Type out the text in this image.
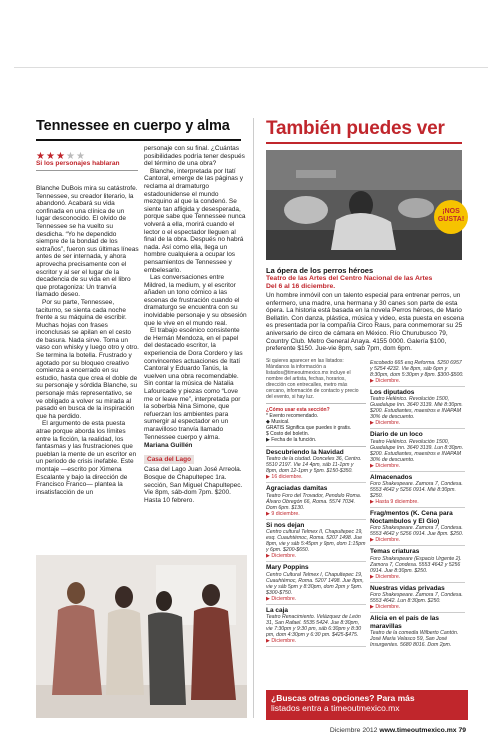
Tennessee en cuerpo y alma
★★★★★
Si los personajes hablaran

Blanche DuBois mira su catástrofe. Tennessee, su creador literario, la abandonó. Acabará su vida confinada en una clínica de un lugar desconocido. El olvido de Tennessee se ha vuelto su desdicha. “Yo he dependido siempre de la bondad de los extraños”, fueron sus últimas líneas antes de ser internada, y ahora aprovecha precisamente con el escritor y al ser el lugar de la decadencia de su vida en el libro que protagoniza: Un tranvía llamado deseo.

Por su parte, Tennessee, taciturno, se sienta cada noche frente a su máquina de escribir. Muchas hojas con frases inconclusas se apilan en el cesto de basura. Nada sirve. Toma un vaso con whisky y luego otro y otro. Se termina la botella. Frustrado y agotado por su bloqueo creativo comienza a encerrado en su estudio, hasta que crea el doble de su personaje y sórdida Blanche, su personaje más representativo, se ve obligado a volver su mirada al pasado en busca de la inspiración que ha perdido.

El argumento de esta puesta atrae porque aborda los límites entre la ficción, la realidad, los fantasmas y las frustraciones que pueblan la mente de un escritor en un periodo de crisis inefable. Este montaje —escrito por Ximena Escalante y bajo la dirección de Francisco Franco— plantea la insatisfacción de un

personaje con su final. ¿Cuántas posibilidades podría tener después del término de una obra?

Blanche, interpretada por Itatí Cantoral, emerge de las páginas y reclama al dramaturgo estadounidense el mundo mezquino al que la condenó. Se siente tan afligida y desesperada, porque sabe que Tennessee nunca volverá a ella, morirá cuando el lector o el espectador lleguen al final de la obra. Después no habrá nada. Así como ella, llega un hombre cualquiera a ocupar los pensamientos de Tennessee y embelesarlo.

Las conversaciones entre Mildred, la medium, y el escritor añaden un tono cómico a las escenas de frustración cuando el dramaturgo se encuentra con su inolvidable personaje y su obsesión que le vive en el mundo real.

El trabajo escénico consistente de Hernán Mendoza, en el papel del destacado escritor, la experiencia de Dora Cordero y las convincentes actuaciones de Itatí Cantoral y Eduardo Tanús, la vuelven una obra recomendable. Sin contar la música de Natalia Lafourcade y piezas como “Love me or leave me”, interpretada por la soberbia Nina Simone, que refuerzan los ambientes para sumergir al espectador en un maravilloso tranvía llamado Tennessee cuerpo y alma.

Mariana Guillén
Casa del Lago
Casa del Lago Juan José Arreola. Bosque de Chapultepec 1ra. sección, San Miguel Chapultepec. Vie 8pm, sáb-dom 7pm. $200. Hasta 10 febrero.
También puedes ver
¡NOS GUSTA!
La ópera de los perros héroes
Teatro de las Artes del Centro Nacional de las Artes
Del 6 al 16 diciembre.
Un hombre inmóvil con un talento especial para entrenar perros, un enfermero, una madre, una hermana y 30 canes son parte de esta ópera. La historia está basada en la novela Perros héroes, de Mario Bellatín. Con danza, plástica, música y video, esta puesta en escena es presentada por la compañía Circo Raus, para conmemorar su 25 aniversario de circo de cámara en México. Río Churubusco 79, Country Club. Metro General Anaya. 4155 0000. Galería $100, preferente $150. Jue-vie 8pm, sab 7pm, dom 6pm.
Si quieres aparecer en las listados: Mándanos la información a listados@timeoutmexico.mx incluye el nombre del artista, fechas, horarios, dirección con entrecalles, metro más cercano, información de contacto y precio del evento, si hay luz.
¿Cómo usar esta sección?
* Evento recomendado.
◆ Musical.
GRATIS Significa que puedes ir gratis.
$ Costo del boletín.
▶ Fecha de la función.
Descubriendo la Navidad
Teatro de la ciudad. Donceles 36, Centro. 5510 2197. Vie 14 4pm, sáb 11-1pm y 8pm, dom 12-1pm y 5pm. $150-$350.
▶ 16 diciembre.
Agraciadas damitas
Teatro Foro del Trovador, Pendulo Roma. Álvaro Obregón 66, Roma. 5574 7034. Dom 6pm. $130.
▶ 9 diciembre.
Si nos dejan
Centro cultural Telmex II, Chapultepec 19, esq. Cuauhtémoc, Roma. 5207 1498. Jue 8pm, vie y sáb 5:45pm y 9pm, dom 1:15pm y 6pm. $200-$650.
▶ Diciembre.
Mary Poppins
Centro Cultural Telmex I, Chapultepec 19, Cuauhtémoc, Roma. 5207 1498. Jue 8pm, vie y sáb 5pm y 8:30pm, dom 2pm y 5pm. $300-$750.
▶ Diciembre.
La caja
Teatro Renacimiento. Velázquez de León 31, San Rafael. 5535 5424. Jue 8:30pm, vie 7:30pm y 9:30 pm, sáb 6:30pm y 8:30 pm, dom 4:30pm y 6:30 pm. $425-$475.
▶ Diciembre.
Escobedo 665 esq Reforma. 5250 6957 y 5254 4232. Vie 8pm, sáb 6pm y 8:30pm, dom 5:30pm y 8pm. $300-$500.
▶ Diciembre.
Los diputados
Teatro Helénico. Revolución 1500, Guadalupe Inn. 3640 3139. Mié 8:30pm. $200. Estudiantes, maestros e INAPAM 30% de descuento.
▶ Diciembre.
Diario de un loco
Teatro Helénico. Revolución 1500, Guadalupe Inn. 3640 3139. Lun 8:30pm. $200. Estudiantes, maestros e INAPAM 30% de descuento.
▶ Diciembre.
Almacenados
Foro Shakespeare. Zamora 7, Condesa. 5553 4642 y 5256 0914. Mié 8:30pm. $250.
▶ Hasta 9 diciembre.
Frag/mentos (K. Cena para Noctambulos y El Gio)
Foro Shakespeare. Zamora 7, Condesa. 5553 4642 y 5256 0914. Jue 8pm. $250.
▶ Diciembre.
Temas criaturas
Foro Shakespeare (Espacio Urgente 2). Zamora 7, Condesa. 5553 4642 y 5256 0914. Jue 8:30pm. $250.
▶ Diciembre.
Nuestras vidas privadas
Foro Shakespeare. Zamora 7, Condesa. 5553 4642. Lun 8:30pm. $250.
▶ Diciembre.
Alicia en el país de las maravillas
Teatro de la comedia Wilberto Cantón. José María Velasco 59, San José Insurgentes. 5680 8016. Dom 2pm.
¿Buscas otras opciones? Para más
listados entra a timeoutmexico.mx
Diciembre 2012 www.timeoutmexico.mx 79
